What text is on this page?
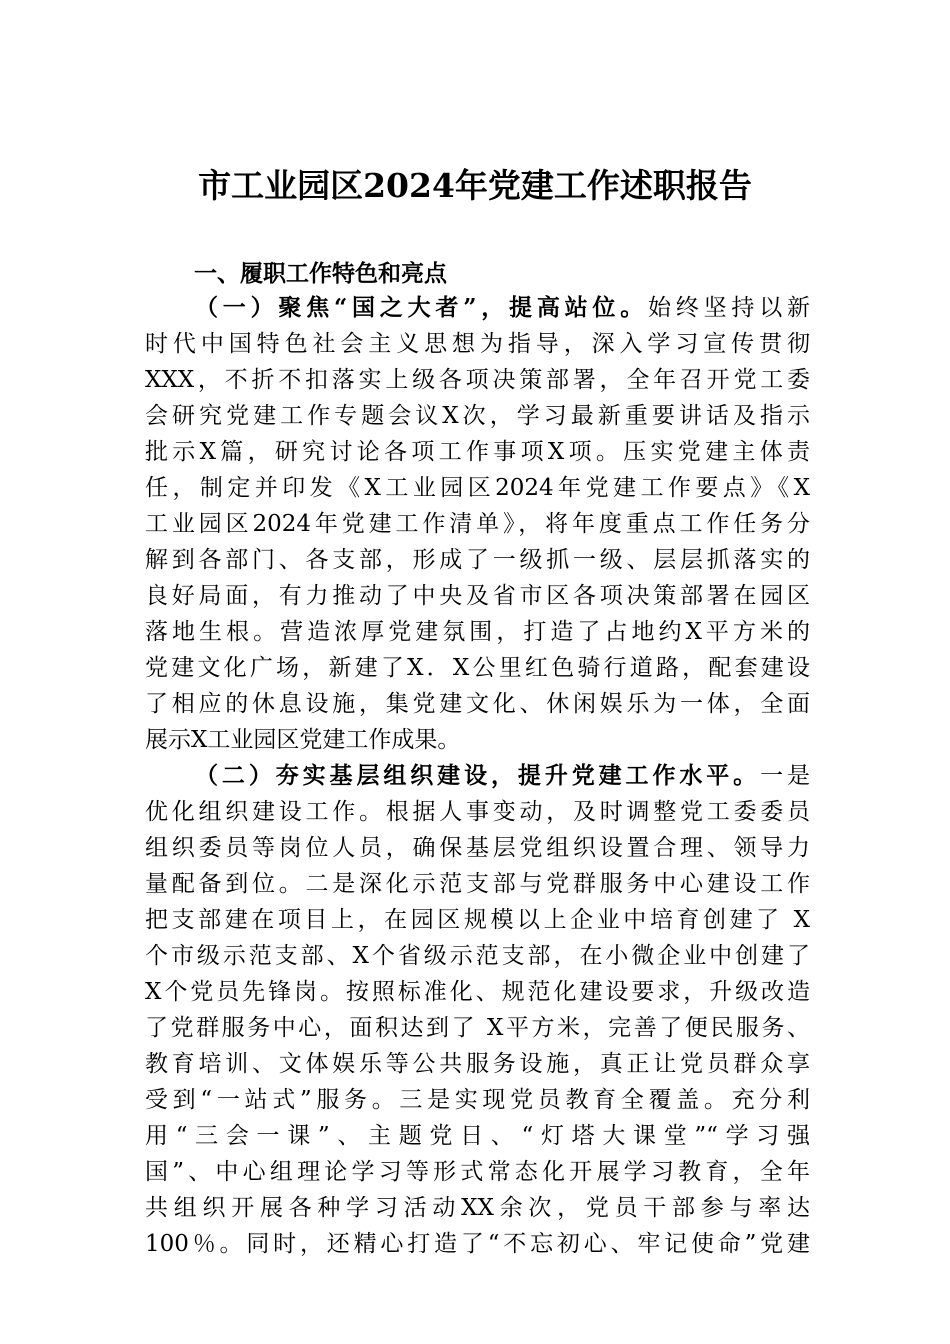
市工业园区2024年党建工作述职报告
一、履职工作特色和亮点
（一）聚焦“国之大者”，提高站位。始终坚持以新
时代中国特色社会主义思想为指导，深入学习宣传贯彻
XXX，不折不扣落实上级各项决策部署，全年召开党工委
会研究党建工作专题会议X次，学习最新重要讲话及指示
批示X篇，研究讨论各项工作事项X项。压实党建主体责
任，制定并印发《X工业园区2024年党建工作要点》《X
工业园区2024年党建工作清单》，将年度重点工作任务分
解到各部门、各支部，形成了一级抓一级、层层抓落实的
良好局面，有力推动了中央及省市区各项决策部署在园区
落地生根。营造浓厚党建氛围，打造了占地约X平方米的
党建文化广场，新建了X．X公里红色骑行道路，配套建设
了相应的休息设施，集党建文化、休闲娱乐为一体，全面
展示X工业园区党建工作成果。
（二）夯实基层组织建设，提升党建工作水平。一是
优化组织建设工作。根据人事变动，及时调整党工委委员
组织委员等岗位人员，确保基层党组织设置合理、领导力
量配备到位。二是深化示范支部与党群服务中心建设工作
把支部建在项目上，在园区规模以上企业中培育创建了 X
个市级示范支部、X个省级示范支部，在小微企业中创建了
X个党员先锋岗。按照标准化、规范化建设要求，升级改造
了党群服务中心，面积达到了 X平方米，完善了便民服务、
教育培训、文体娱乐等公共服务设施，真正让党员群众享
受到“一站式”服务。三是实现党员教育全覆盖。充分利
用“三会一课”、主题党日、“灯塔大课堂”“学习强
国”、中心组理论学习等形式常态化开展学习教育，全年
共组织开展各种学习活动XX余次，党员干部参与率达
100％。同时，还精心打造了“不忘初心、牢记使命”党建
